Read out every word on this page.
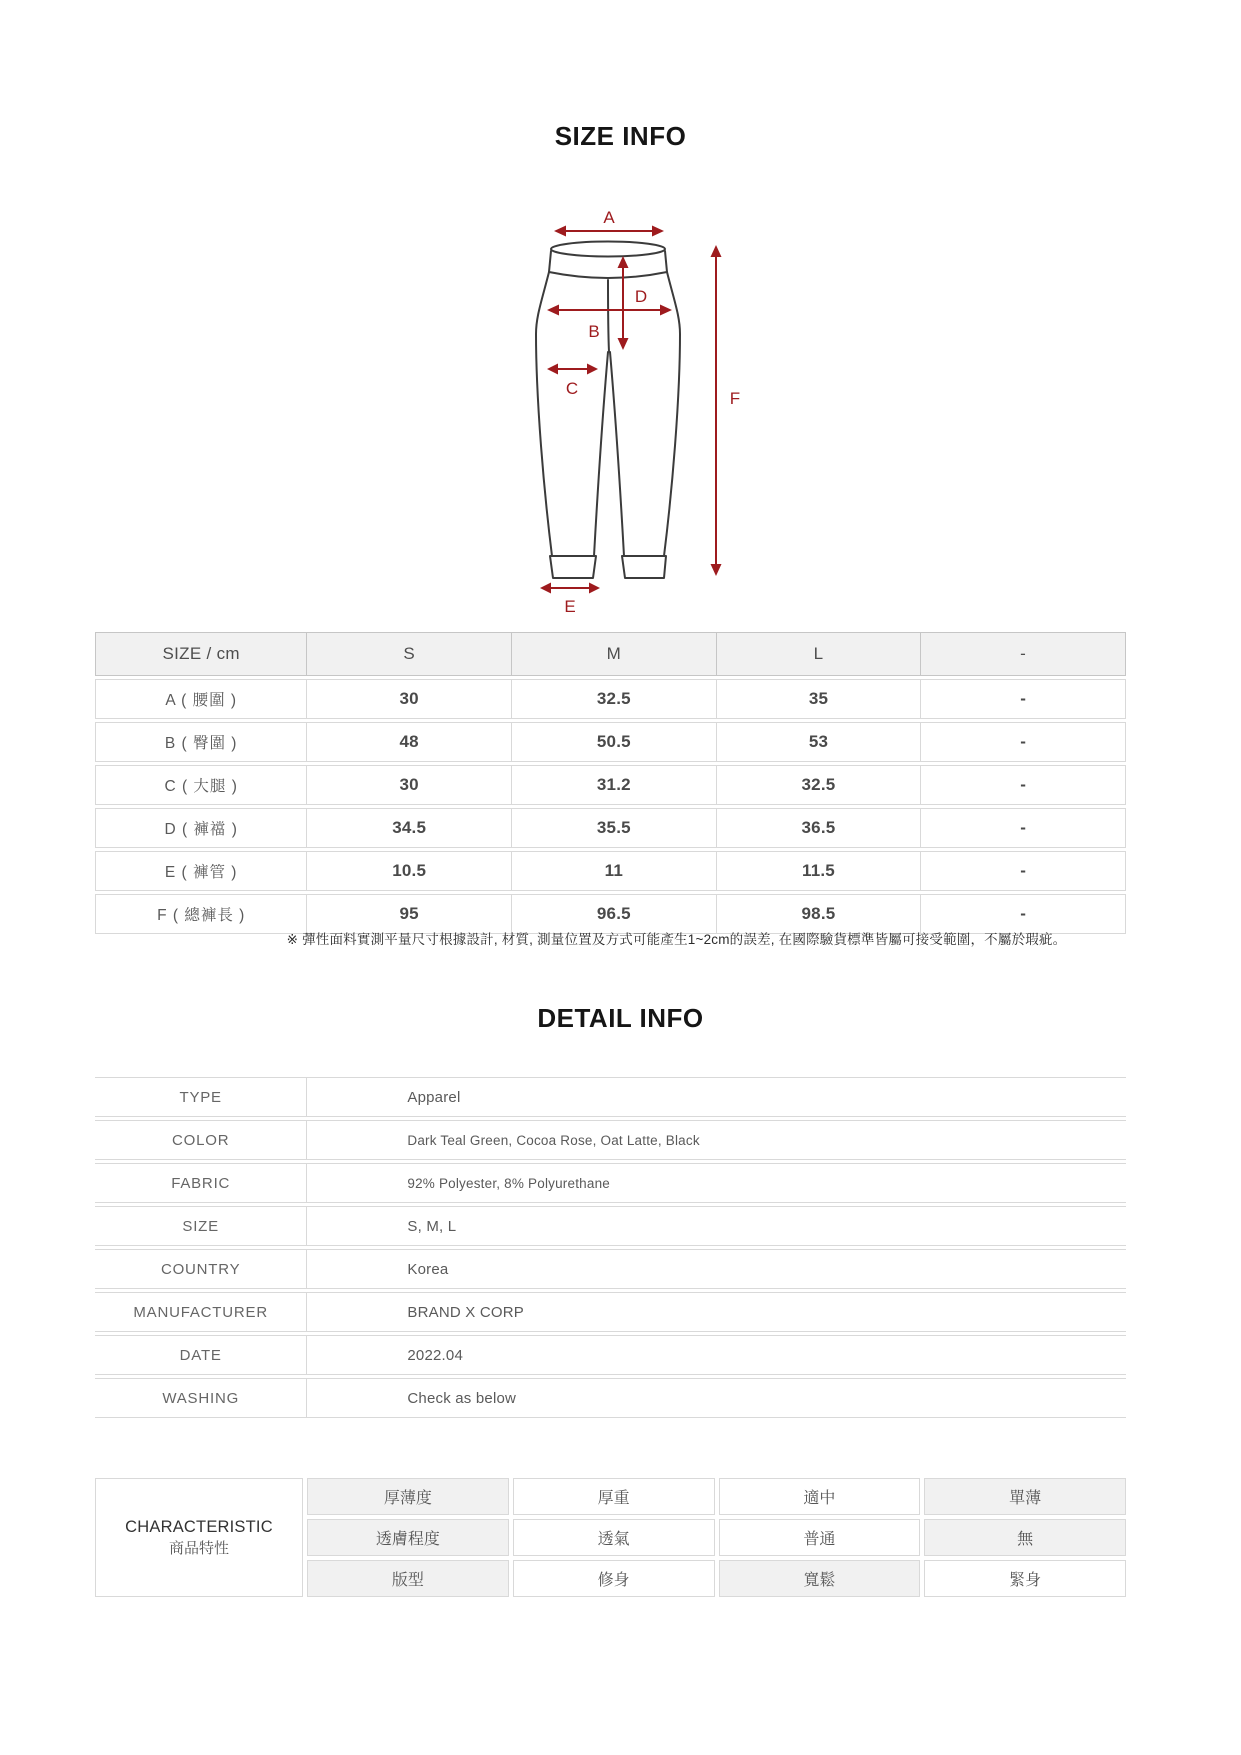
SIZE INFO
A
B
C
D
E
F
SIZE / cm	S	M	L	-
A ( 腰圍 )	30	32.5	35	-
B ( 臀圍 )	48	50.5	53	-
C ( 大腿 )	30	31.2	32.5	-
D ( 褲襠 )	34.5	35.5	36.5	-
E ( 褲管 )	10.5	11	11.5	-
F ( 總褲長 )	95	96.5	98.5	-
※ 彈性面料實測平量尺寸根據設計, 材質, 測量位置及方式可能產生1~2cm的誤差, 在國際驗貨標準皆屬可接受範圍，不屬於瑕疵。
DETAIL INFO
TYPE	Apparel
COLOR	Dark Teal Green, Cocoa Rose, Oat Latte, Black
FABRIC	92% Polyester, 8% Polyurethane
SIZE	S, M, L
COUNTRY	Korea
MANUFACTURER	BRAND X CORP
DATE	2022.04
WASHING	Check as below
CHARACTERISTIC
商品特性
厚薄度	厚重	適中	單薄
透膚程度	透氣	普通	無
版型	修身	寬鬆	緊身
